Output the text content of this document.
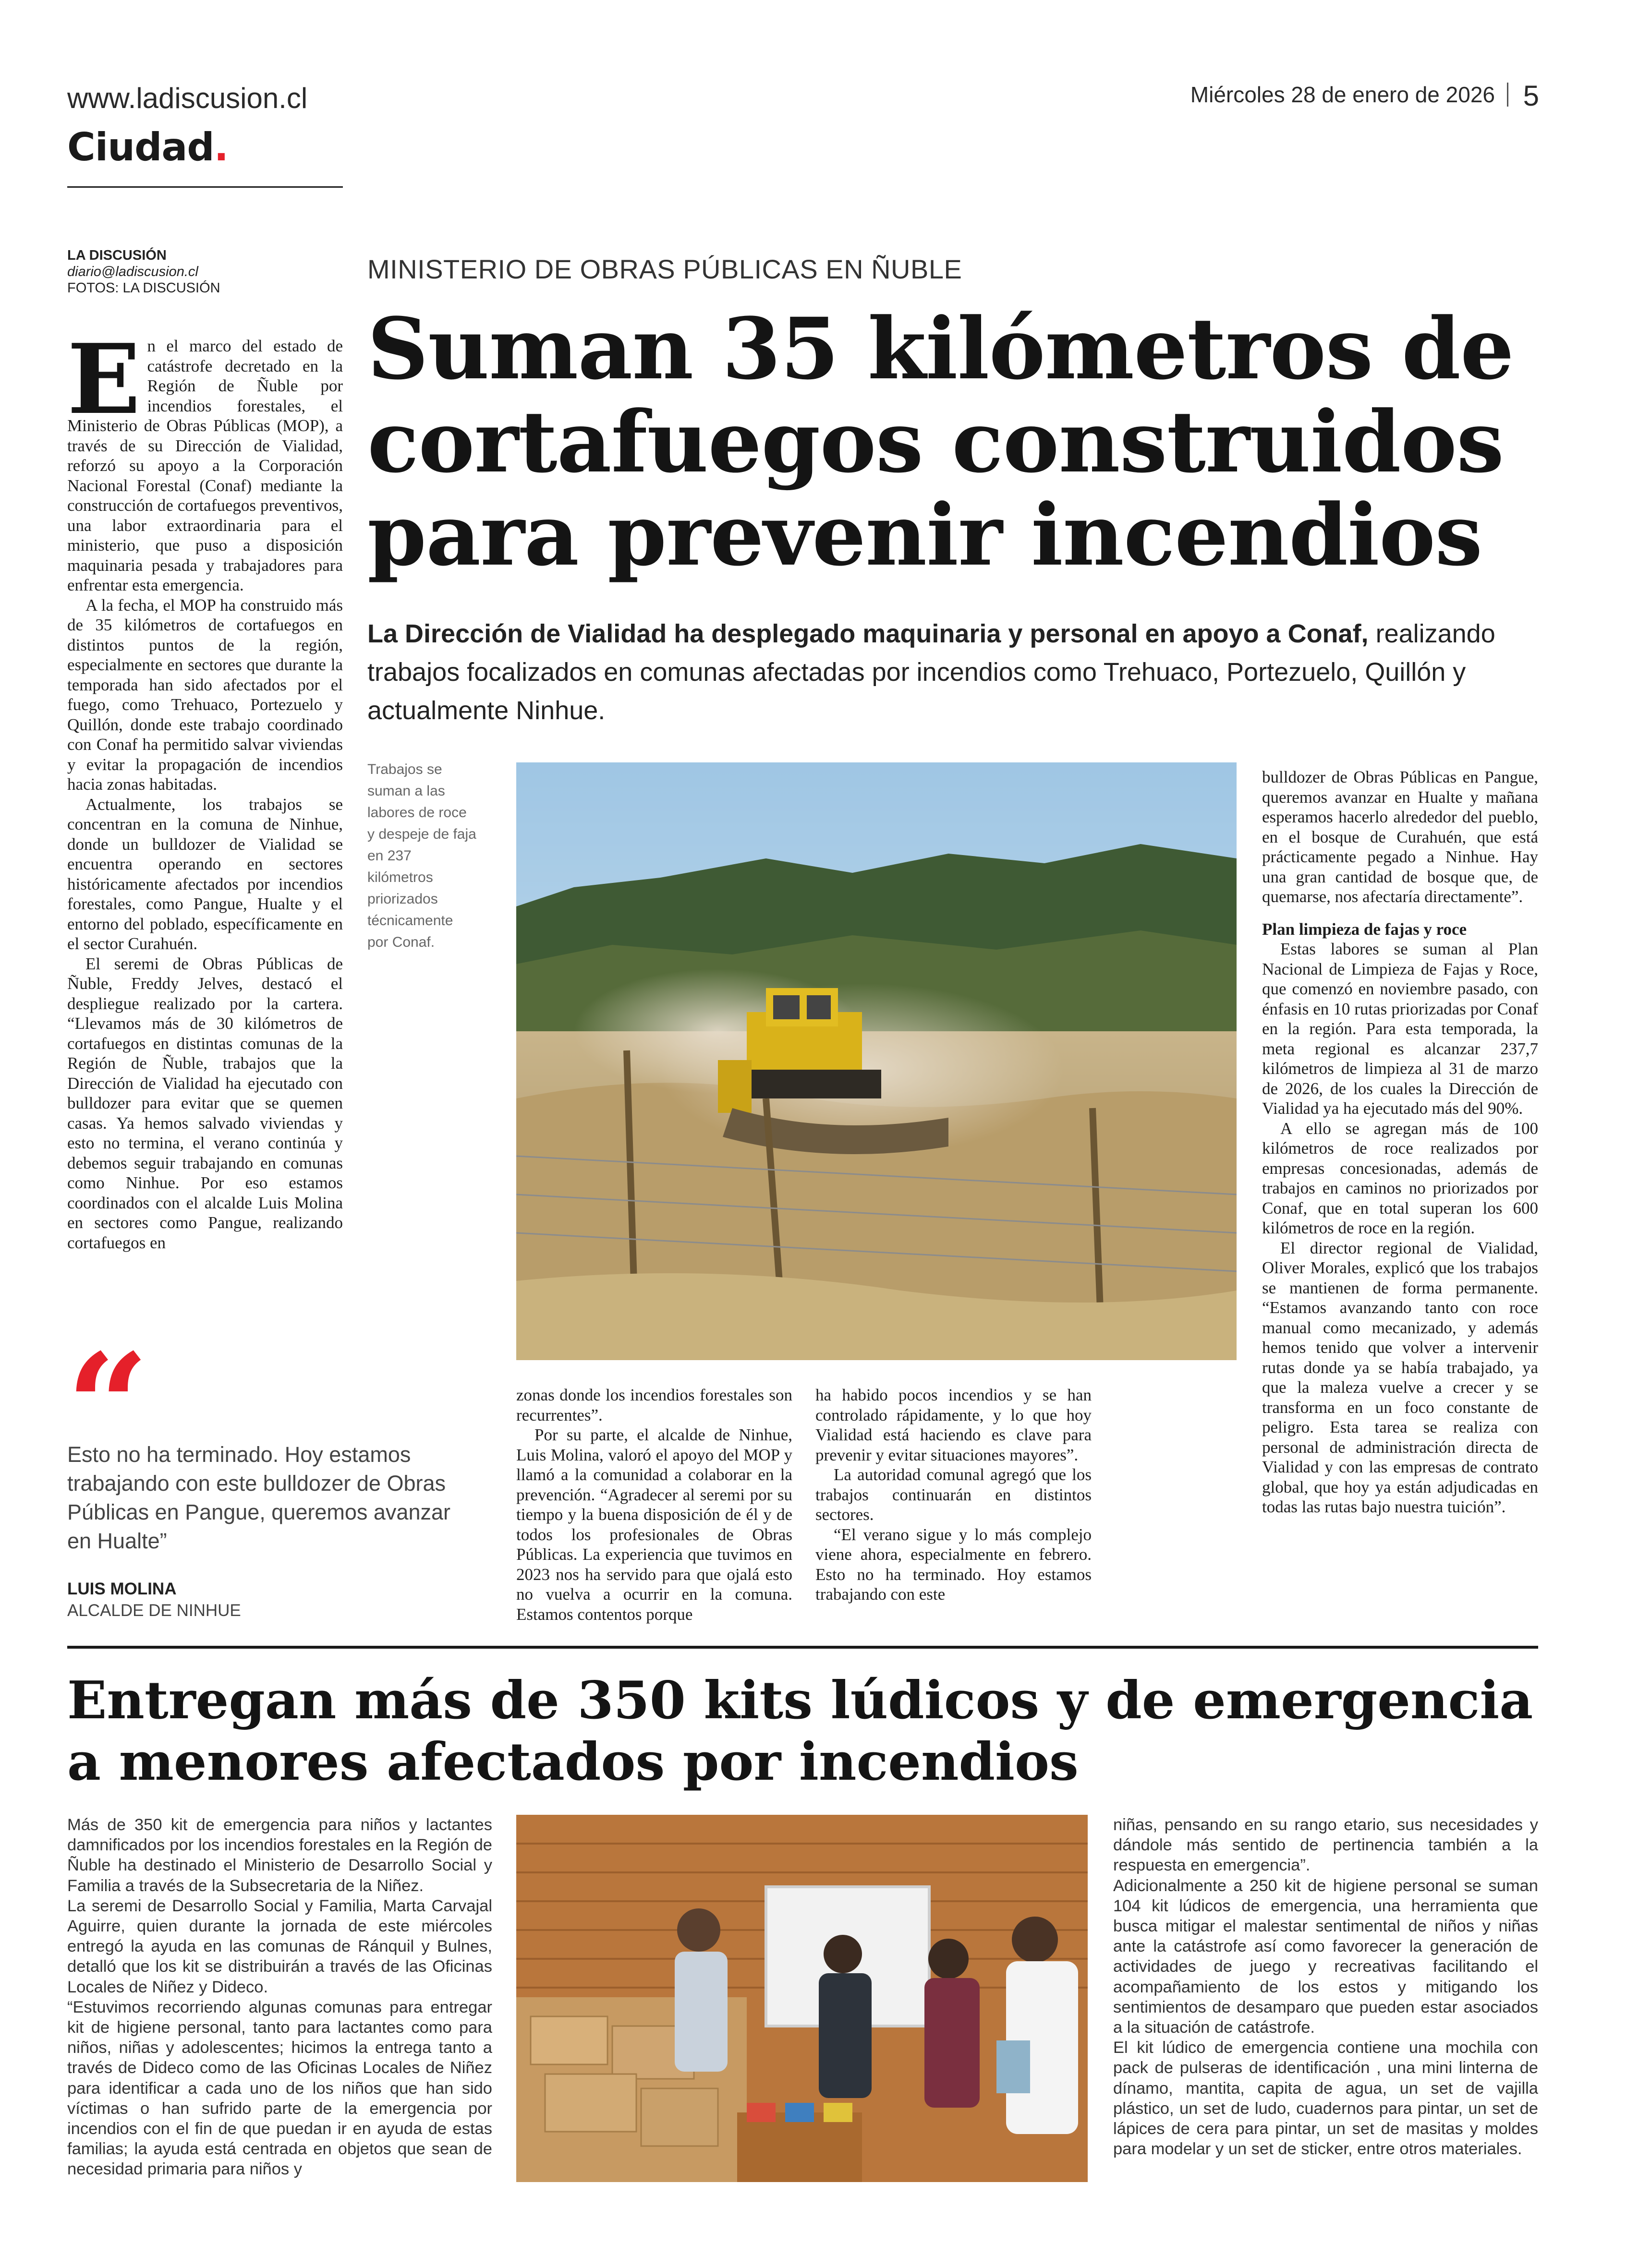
www.ladiscusion.cl
Ciudad.
Miércoles 28 de enero de 2026 5
LA DISCUSIÓN
diario@ladiscusion.cl
FOTOS: LA DISCUSIÓN
MINISTERIO DE OBRAS PÚBLICAS EN ÑUBLE
Suman 35 kilómetros de cortafuegos construidos para prevenir incendios
La Dirección de Vialidad ha desplegado maquinaria y personal en apoyo a Conaf, realizando trabajos focalizados en comunas afectadas por incendios como Trehuaco, Portezuelo, Quillón y actualmente Ninhue.

En el marco del estado de catástrofe decretado en la Región de Ñuble por incendios forestales, el Ministerio de Obras Públicas (MOP), a través de su Dirección de Vialidad, reforzó su apoyo a la Corporación Nacional Forestal (Conaf) mediante la construcción de cortafuegos preventivos, una labor extraordinaria para el ministerio, que puso a disposición maquinaria pesada y trabajadores para enfrentar esta emergencia.

A la fecha, el MOP ha construido más de 35 kilómetros de cortafuegos en distintos puntos de la región, especialmente en sectores que durante la temporada han sido afectados por el fuego, como Trehuaco, Portezuelo y Quillón, donde este trabajo coordinado con Conaf ha permitido salvar viviendas y evitar la propagación de incendios hacia zonas habitadas.

Actualmente, los trabajos se concentran en la comuna de Ninhue, donde un bulldozer de Vialidad se encuentra operando en sectores históricamente afectados por incendios forestales, como Pangue, Hualte y el entorno del poblado, específicamente en el sector Curahuén.

El seremi de Obras Públicas de Ñuble, Freddy Jelves, destacó el despliegue realizado por la cartera. “Llevamos más de 30 kilómetros de cortafuegos en distintas comunas de la Región de Ñuble, trabajos que la Dirección de Vialidad ha ejecutado con bulldozer para evitar que se quemen casas. Ya hemos salvado viviendas y esto no termina, el verano continúa y debemos seguir trabajando en comunas como Ninhue. Por eso estamos coordinados con el alcalde Luis Molina en sectores como Pangue, realizando cortafuegos en

“
Esto no ha terminado. Hoy estamos trabajando con este bulldozer de Obras Públicas en Pangue, queremos avanzar en Hualte”
LUIS MOLINA
ALCALDE DE NINHUE
Trabajos se suman a las labores de roce y despeje de faja en 237 kilómetros priorizados técnicamente por Conaf.

zonas donde los incendios forestales son recurrentes”.

Por su parte, el alcalde de Ninhue, Luis Molina, valoró el apoyo del MOP y llamó a la comunidad a colaborar en la prevención. “Agradecer al seremi por su tiempo y la buena disposición de él y de todos los profesionales de Obras Públicas. La experiencia que tuvimos en 2023 nos ha servido para que ojalá esto no vuelva a ocurrir en la comuna. Estamos contentos porque

ha habido pocos incendios y se han controlado rápidamente, y lo que hoy Vialidad está haciendo es clave para prevenir y evitar situaciones mayores”.

La autoridad comunal agregó que los trabajos continuarán en distintos sectores.

“El verano sigue y lo más complejo viene ahora, especialmente en febrero. Esto no ha terminado. Hoy estamos trabajando con este

bulldozer de Obras Públicas en Pangue, queremos avanzar en Hualte y mañana esperamos hacerlo alrededor del pueblo, en el bosque de Curahuén, que está prácticamente pegado a Ninhue. Hay una gran cantidad de bosque que, de quemarse, nos afectaría directamente”.

Plan limpieza de fajas y roce

Estas labores se suman al Plan Nacional de Limpieza de Fajas y Roce, que comenzó en noviembre pasado, con énfasis en 10 rutas priorizadas por Conaf en la región. Para esta temporada, la meta regional es alcanzar 237,7 kilómetros de limpieza al 31 de marzo de 2026, de los cuales la Dirección de Vialidad ya ha ejecutado más del 90%.

A ello se agregan más de 100 kilómetros de roce realizados por empresas concesionadas, además de trabajos en caminos no priorizados por Conaf, que en total superan los 600 kilómetros de roce en la región.

El director regional de Vialidad, Oliver Morales, explicó que los trabajos se mantienen de forma permanente. “Estamos avanzando tanto con roce manual como mecanizado, y además hemos tenido que volver a intervenir rutas donde ya se había trabajado, ya que la maleza vuelve a crecer y se transforma en un foco constante de peligro. Esta tarea se realiza con personal de administración directa de Vialidad y con las empresas de contrato global, que hoy ya están adjudicadas en todas las rutas bajo nuestra tuición”.

Entregan más de 350 kits lúdicos y de emergencia a menores afectados por incendios

Más de 350 kit de emergencia para niños y lactantes damnificados por los incendios forestales en la Región de Ñuble ha destinado el Ministerio de Desarrollo Social y Familia a través de la Subsecretaria de la Niñez.

La seremi de Desarrollo Social y Familia, Marta Carvajal Aguirre, quien durante la jornada de este miércoles entregó la ayuda en las comunas de Ránquil y Bulnes, detalló que los kit se distribuirán a través de las Oficinas Locales de Niñez y Dideco.

“Estuvimos recorriendo algunas comunas para entregar kit de higiene personal, tanto para lactantes como para niños, niñas y adolescentes; hicimos la entrega tanto a través de Dideco como de las Oficinas Locales de Niñez para identificar a cada uno de los niños que han sido víctimas o han sufrido parte de la emergencia por incendios con el fin de que puedan ir en ayuda de estas familias; la ayuda está centrada en objetos que sean de necesidad primaria para niños y

niñas, pensando en su rango etario, sus necesidades y dándole más sentido de pertinencia también a la respuesta en emergencia”.

Adicionalmente a 250 kit de higiene personal se suman 104 kit lúdicos de emergencia, una herramienta que busca mitigar el malestar sentimental de niños y niñas ante la catástrofe así como favorecer la generación de actividades de juego y recreativas facilitando el acompañamiento de los estos y mitigando los sentimientos de desamparo que pueden estar asociados a la situación de catástrofe.

El kit lúdico de emergencia contiene una mochila con pack de pulseras de identificación , una mini linterna de dínamo, mantita, capita de agua, un set de vajilla plástico, un set de ludo, cuadernos para pintar, un set de lápices de cera para pintar, un set de masitas y moldes para modelar y un set de sticker, entre otros materiales.
